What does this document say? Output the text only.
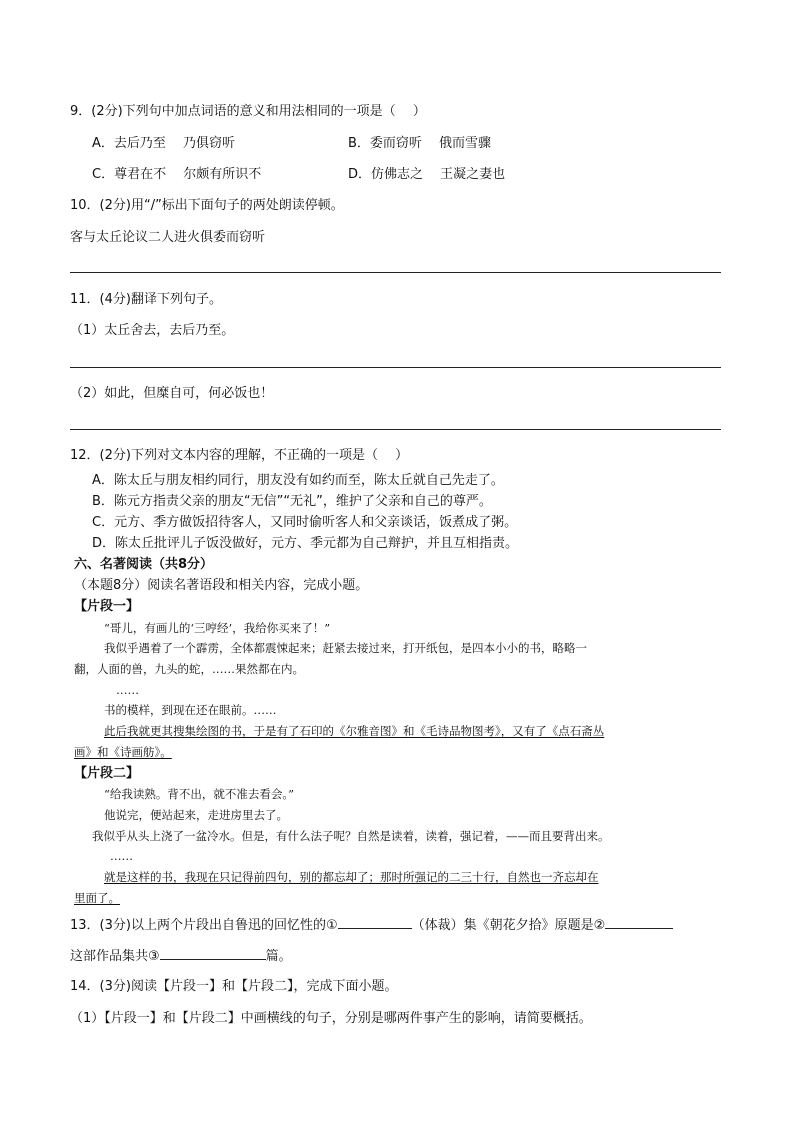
9．(2分)下列句中加点词语的意义和用法相同的一项是（　 ）
A．去后乃至　 乃俱窃听	B．委而窃听　 俄而雪骤
C．尊君在不　 尔颇有所识不	D．仿佛志之　 王凝之妻也
10．(2分)用“/”标出下面句子的两处朗读停顿。
客与太丘论议二人进火俱委而窃听
11．(4分)翻译下列句子。
（1）太丘舍去，去后乃至。
（2）如此，但糜自可，何必饭也！
12．(2分)下列对文本内容的理解，不正确的一项是（　 ）
A．陈太丘与朋友相约同行，朋友没有如约而至，陈太丘就自己先走了。
B．陈元方指责父亲的朋友“无信”“无礼”，维护了父亲和自己的尊严。
C．元方、季方做饭招待客人，又同时偷听客人和父亲谈话，饭煮成了粥。
D．陈太丘批评儿子饭没做好，元方、季元都为自己辩护，并且互相指责。
六、名著阅读（共8分）
（本题8分）阅读名著语段和相关内容，完成小题。
【片段一】
“哥儿，有画儿的‘三哼经’，我给你买来了！”
我似乎遇着了一个霹雳，全体都震悚起来；赶紧去接过来，打开纸包，是四本小小的书，略略一
翻，人面的兽，九头的蛇，……果然都在内。
……
书的模样，到现在还在眼前。……
此后我就更其搜集绘图的书，于是有了石印的《尔雅音图》和《毛诗品物图考》，又有了《点石斋丛
画》和《诗画舫》。
【片段二】
“给我读熟。背不出，就不准去看会。”
他说完，便站起来，走进房里去了。
我似乎从头上浇了一盆冷水。但是，有什么法子呢？自然是读着，读着，强记着，——而且要背出来。
……
就是这样的书，我现在只记得前四句，别的都忘却了；那时所强记的二三十行，自然也一齐忘却在
里面了。
13．(3分)以上两个片段出自鲁迅的回忆性的①	（体裁）集《朝花夕拾》原题是②
这部作品集共③	篇。
14．(3分)阅读【片段一】和【片段二】，完成下面小题。
（1）【片段一】和【片段二】中画横线的句子，分别是哪两件事产生的影响，请简要概括。
